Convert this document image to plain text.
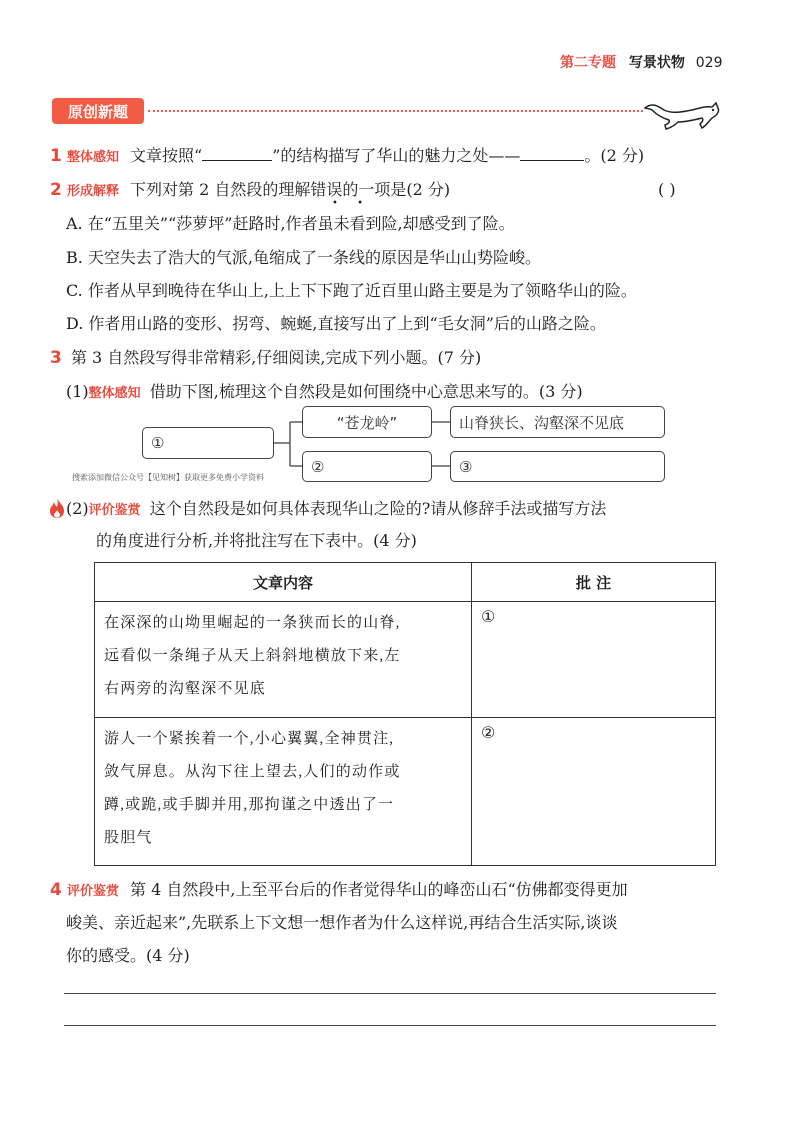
第二专题 写景状物 029
原创新题
1 整体感知 文章按照“	”的结构描写了华山的魅力之处——	。(2 分)
2 形成解释 下列对第 2 自然段的理解错误的一项是(2 分)
• •
( )
A. 在“五里关”“莎萝坪”赶路时,作者虽未看到险,却感受到了险。
B. 天空失去了浩大的气派,龟缩成了一条线的原因是华山山势险峻。
C. 作者从早到晚待在华山上,上上下下跑了近百里山路主要是为了领略华山的险。
D. 作者用山路的变形、拐弯、蜿蜒,直接写出了上到“毛女洞”后的山路之险。
3 第 3 自然段写得非常精彩,仔细阅读,完成下列小题。(7 分)
(1)整体感知 借助下图,梳理这个自然段是如何围绕中心意思来写的。(3 分)
①
“苍龙岭”	山脊狭长、沟壑深不见底
②	③
搜索添加微信公众号【见知树】获取更多免费小学资料
(2)评价鉴赏 这个自然段是如何具体表现华山之险的?请从修辞手法或描写方法
的角度进行分析,并将批注写在下表中。(4 分)
文章内容	批 注

在深深的山坳里崛起的一条狭而长的山脊,
远看似一条绳子从天上斜斜地横放下来,左
右两旁的沟壑深不见底	①

游人一个紧挨着一个,小心翼翼,全神贯注,
敛气屏息。从沟下往上望去,人们的动作或
蹲,或跪,或手脚并用,那拘谨之中透出了一
股胆气	②
4 评价鉴赏 第 4 自然段中,上至平台后的作者觉得华山的峰峦山石“仿佛都变得更加
峻美、亲近起来”,先联系上下文想一想作者为什么这样说,再结合生活实际,谈谈
你的感受。(4 分)
